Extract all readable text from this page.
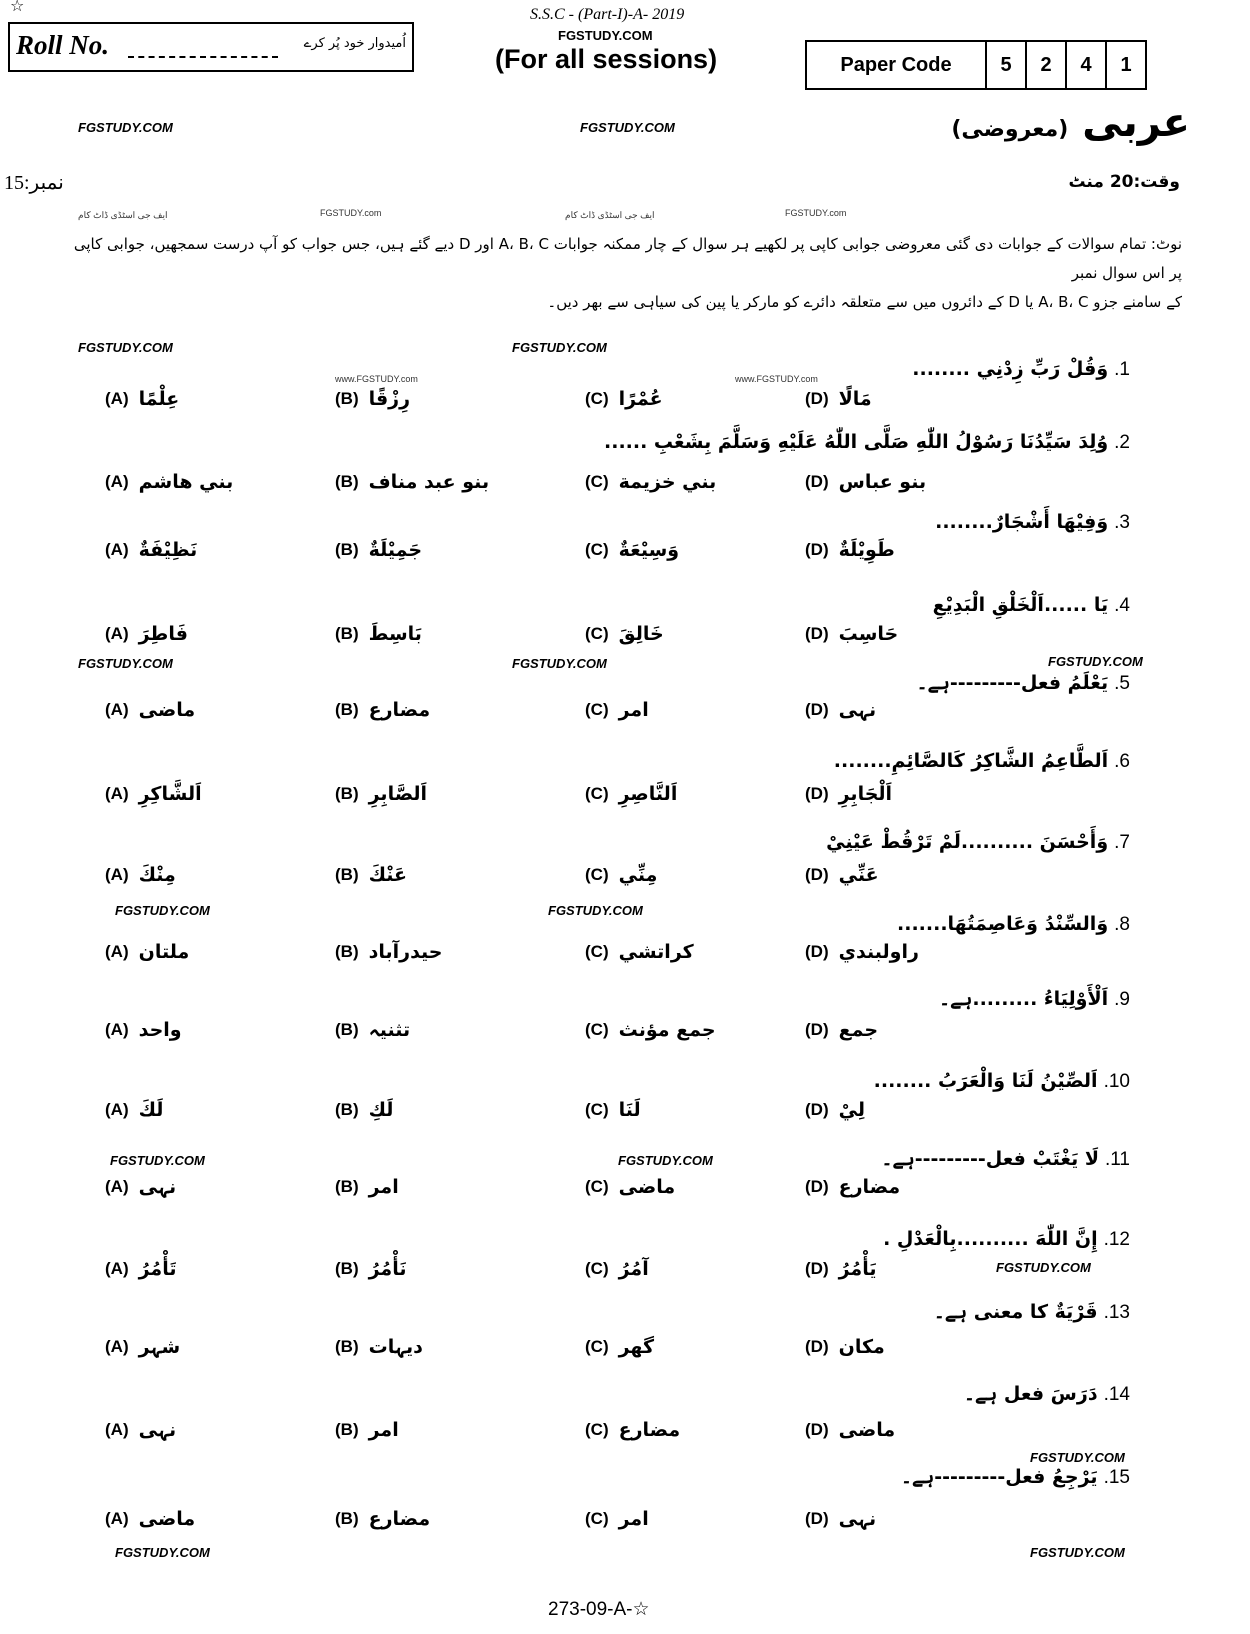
☆
Roll No.	اُمیدوار خود پُر کرے
S.S.C - (Part-I)-A- 2019
FGSTUDY.COM
(For all sessions)	Paper Code	5	2	4	1
FGSTUDY.COM	FGSTUDY.COM	عربی (معروضی)
نمبر:15	وقت:20 منٹ
FGSTUDY.com	FGSTUDY.com
ایف جی اسٹڈی ڈاٹ کام	ایف جی اسٹڈی ڈاٹ کام
نوٹ: تمام سوالات کے جوابات دی گئی معروضی جوابی کاپی پر لکھیے ہر سوال کے چار ممکنہ جوابات A، B، C اور D دیے گئے ہیں، جس جواب کو آپ درست سمجھیں، جوابی کاپی پر اس سوال نمبر
کے سامنے جزو A، B، C یا D کے دائروں میں سے متعلقہ دائرے کو مارکر یا پین کی سیاہی سے بھر دیں۔
1.وَقُلْ رَبِّ زِدْنِي ........
(A) عِلْمًا	(B) رِزْقًا	(C) عُمْرًا	(D) مَالًا
2.وُلِدَ سَيِّدُنَا رَسُوْلُ اللّٰهِ صَلَّى اللّٰهُ عَلَيْهِ وَسَلَّمَ بِشَعْبِ ......
(A) بني هاشم	(B) بنو عبد مناف	(C) بني خزيمة	(D) بنو عباس
3.وَفِيْهَا أَشْجَارٌ........
(A) نَظِيْفَةٌ	(B) جَمِيْلَةٌ	(C) وَسِيْعَةٌ	(D) طَوِيْلَةٌ
4.يَا ......اَلْخَلْقِ الْبَدِيْعِ
(A) فَاطِرَ	(B) بَاسِطَ	(C) خَالِقَ	(D) حَاسِبَ
5.يَعْلَمُ فعل---------ہے۔
(A) ماضی	(B) مضارع	(C) امر	(D) نہی
6.اَلطَّاعِمُ الشَّاكِرُ كَالصَّائِمِ........
(A) اَلشَّاكِرِ	(B) اَلصَّابِرِ	(C) اَلنَّاصِرِ	(D) اَلْجَابِرِ
7.وَأَحْسَنَ ..........لَمْ تَرْقُطْ عَيْنِيْ
(A) مِنْكَ	(B) عَنْكَ	(C) مِنِّي	(D) عَنِّي
8.وَالسِّنْدُ وَعَاصِمَتُهَا.......
(A) ملتان	(B) حيدرآباد	(C) كراتشي	(D) راولبندي
9.اَلْأَوْلِيَاءُ .........ہے۔
(A) واحد	(B) تثنیہ	(C) جمع مؤنث	(D) جمع
10.اَلصِّيْنُ لَنَا وَالْعَرَبُ ........
(A) لَكَ	(B) لَكِ	(C) لَنَا	(D) لِيْ
11.لَا يَغْتَبْ فعل---------ہے۔
(A) نہی	(B) امر	(C) ماضی	(D) مضارع
12.إِنَّ اللّٰهَ ..........بِالْعَدْلِ .
(A) تَأْمُرُ	(B) نَأْمُرُ	(C) آمُرُ	(D) يَأْمُرُ
13.قَرْيَةٌ کا معنی ہے۔
(A) شہر	(B) دیہات	(C) گھر	(D) مکان
14.دَرَسَ فعل ہے۔
(A) نہی	(B) امر	(C) مضارع	(D) ماضی
15.يَرْجِعُ فعل---------ہے۔
(A) ماضی	(B) مضارع	(C) امر	(D) نہی
FGSTUDY.COM	FGSTUDY.COM
www.FGSTUDY.com	www.FGSTUDY.com
FGSTUDY.COM	FGSTUDY.COM	FGSTUDY.COM
FGSTUDY.COM	FGSTUDY.COM
FGSTUDY.COM	FGSTUDY.COM
FGSTUDY.COM
FGSTUDY.COM
FGSTUDY.COM	FGSTUDY.COM
273-09-A-☆
